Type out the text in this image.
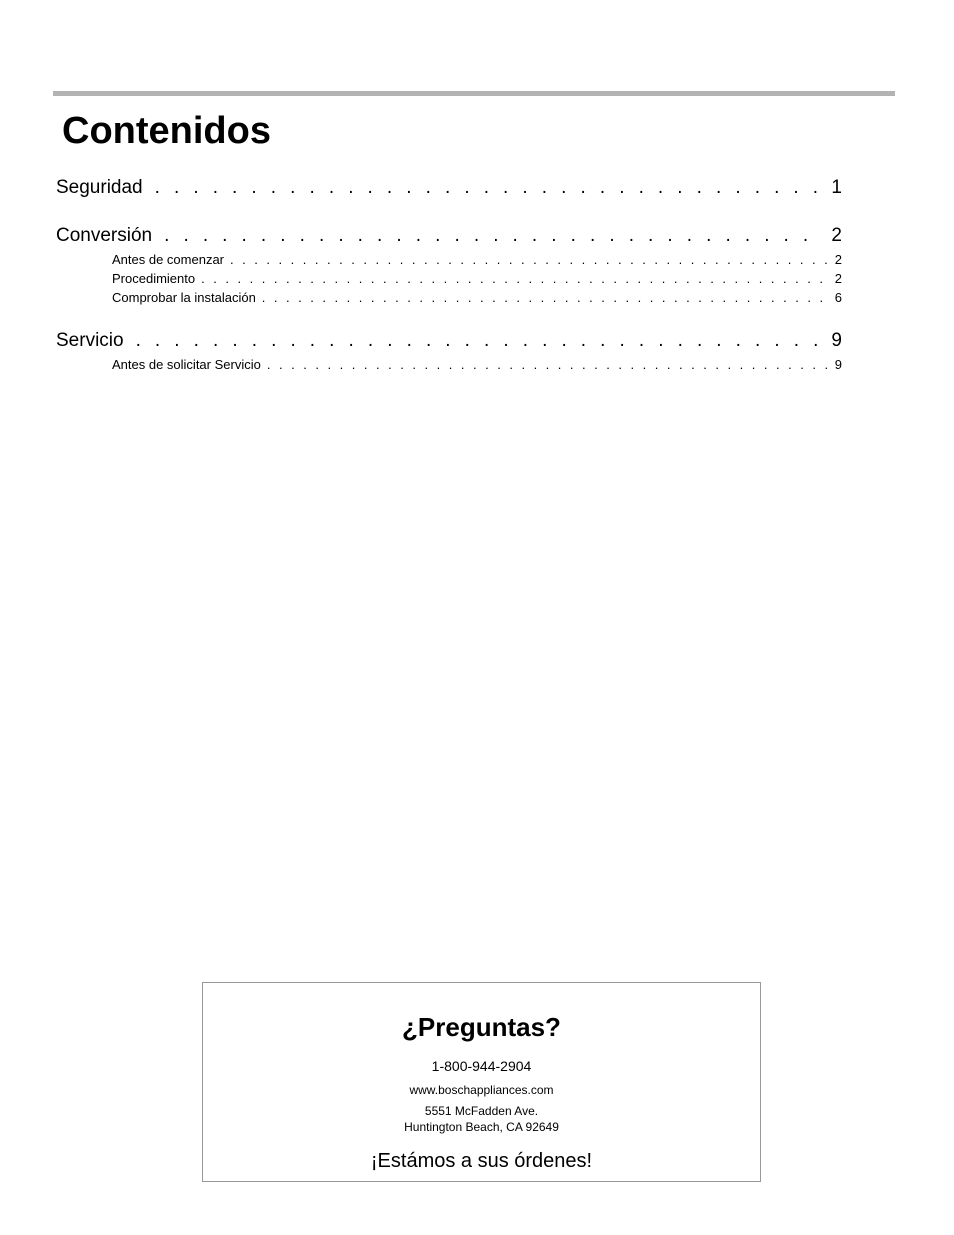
Contenidos
Seguridad . . .	1
Conversión . . .	2
Antes de comenzar . . .	2
Procedimiento . . .	2
Comprobar la instalación . . .	6
Servicio . . .	9
Antes de solicitar Servicio . . .	9
¿Preguntas?
1-800-944-2904
www.boschappliances.com
5551 McFadden Ave.
Huntington Beach, CA 92649
¡Estámos a sus órdenes!
